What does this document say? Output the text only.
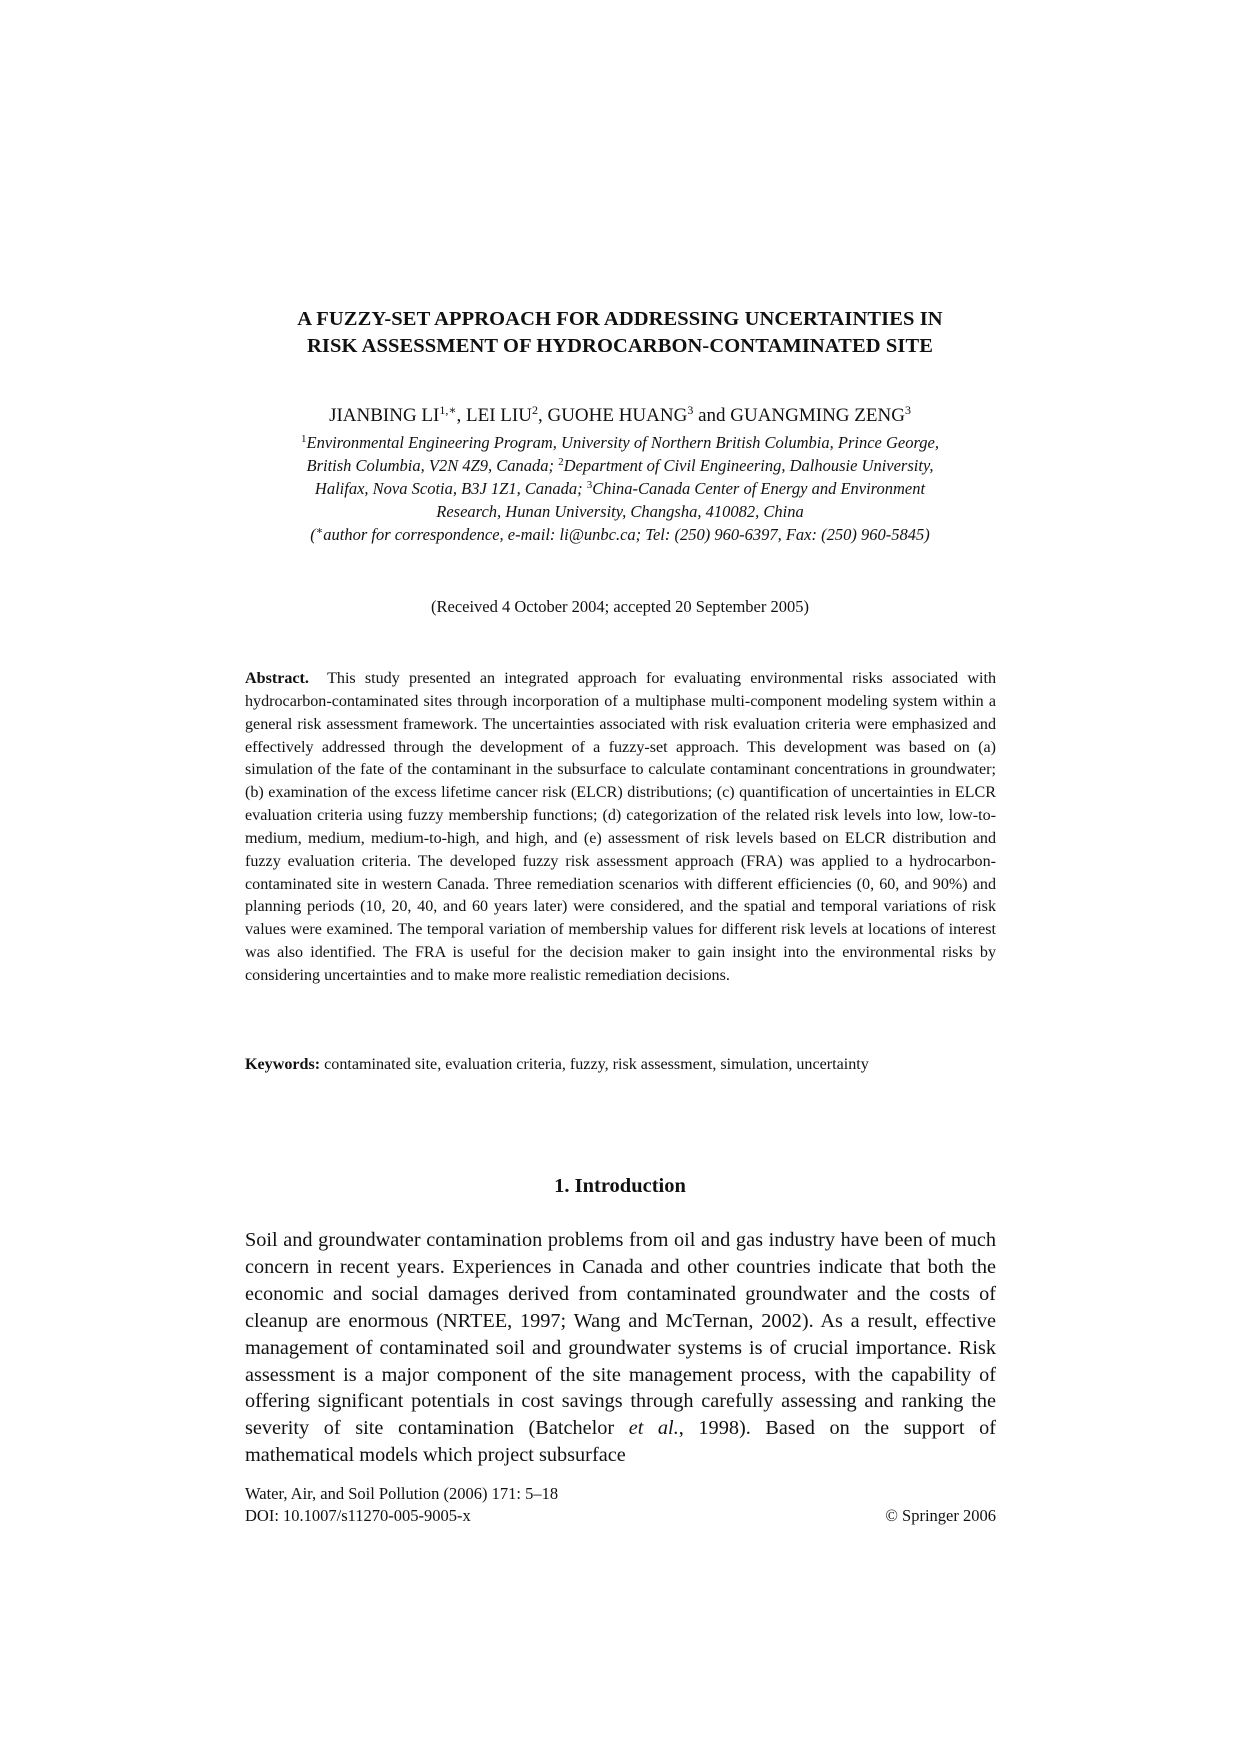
A FUZZY-SET APPROACH FOR ADDRESSING UNCERTAINTIES IN
RISK ASSESSMENT OF HYDROCARBON-CONTAMINATED SITE
JIANBING $LI^{1,∗}$, LEI LIU$^2$, GUOHE HUANG$^3$ and GUANGMING ZENG$^3$
$^1$Environmental Engineering Program, University of Northern British Columbia, Prince George,
British Columbia, V2N 4Z9, Canada; $^2$Department of Civil Engineering, Dalhousie University,
Halifax, Nova Scotia, B3J 1Z1, Canada; $^3$China-Canada Center of Energy and Environment
Research, Hunan University, Changsha, 410082, China
(∗author for correspondence, e-mail: li@unbc.ca; Tel: (250) 960-6397, Fax: (250) 960-5845)
(Received 4 October 2004; accepted 20 September 2005)
Abstract. This study presented an integrated approach for evaluating environmental risks associated with hydrocarbon-contaminated sites through incorporation of a multiphase multi-component modeling system within a general risk assessment framework. The uncertainties associated with risk evaluation criteria were emphasized and effectively addressed through the development of a fuzzy-set approach. This development was based on (a) simulation of the fate of the contaminant in the subsurface to calculate contaminant concentrations in groundwater; (b) examination of the excess lifetime cancer risk (ELCR) distributions; (c) quantification of uncertainties in ELCR evaluation criteria using fuzzy membership functions; (d) categorization of the related risk levels into low, low-to-medium, medium, medium-to-high, and high, and (e) assessment of risk levels based on ELCR distribution and fuzzy evaluation criteria. The developed fuzzy risk assessment approach (FRA) was applied to a hydrocarbon-contaminated site in western Canada. Three remediation scenarios with different efficiencies (0, 60, and 90%) and planning periods (10, 20, 40, and 60 years later) were considered, and the spatial and temporal variations of risk values were examined. The temporal variation of membership values for different risk levels at locations of interest was also identified. The FRA is useful for the decision maker to gain insight into the environmental risks by considering uncertainties and to make more realistic remediation decisions.
Keywords: contaminated site, evaluation criteria, fuzzy, risk assessment, simulation, uncertainty
1. Introduction
Soil and groundwater contamination problems from oil and gas industry have been of much concern in recent years. Experiences in Canada and other countries indicate that both the economic and social damages derived from contaminated groundwater and the costs of cleanup are enormous (NRTEE, 1997; Wang and McTernan, 2002). As a result, effective management of contaminated soil and groundwater systems is of crucial importance. Risk assessment is a major component of the site management process, with the capability of offering significant potentials in cost savings through carefully assessing and ranking the severity of site contamination (Batchelor et al., 1998). Based on the support of mathematical models which project subsurface
Water, Air, and Soil Pollution (2006) 171: 5–18
DOI: 10.1007/s11270-005-9005-x	© Springer 2006
